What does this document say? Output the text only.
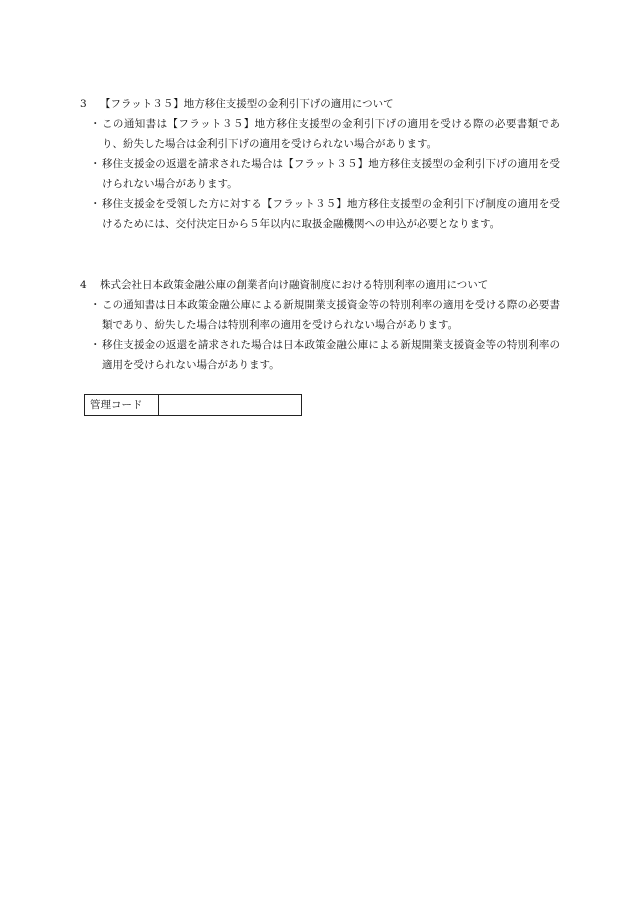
3	【フラット３５】地方移住支援型の金利引下げの適用について
・ この通知書は【フラット３５】地方移住支援型の金利引下げの適用を受ける際の必要書類であり、紛失した場合は金利引下げの適用を受けられない場合があります。
・ 移住支援金の返還を請求された場合は【フラット３５】地方移住支援型の金利引下げの適用を受けられない場合があります。
・ 移住支援金を受領した方に対する【フラット３５】地方移住支援型の金利引下げ制度の適用を受けるためには、交付決定日から５年以内に取扱金融機関への申込が必要となります。
4	株式会社日本政策金融公庫の創業者向け融資制度における特別利率の適用について
・ この通知書は日本政策金融公庫による新規開業支援資金等の特別利率の適用を受ける際の必要書類であり、紛失した場合は特別利率の適用を受けられない場合があります。
・ 移住支援金の返還を請求された場合は日本政策金融公庫による新規開業支援資金等の特別利率の適用を受けられない場合があります。
管理コード
